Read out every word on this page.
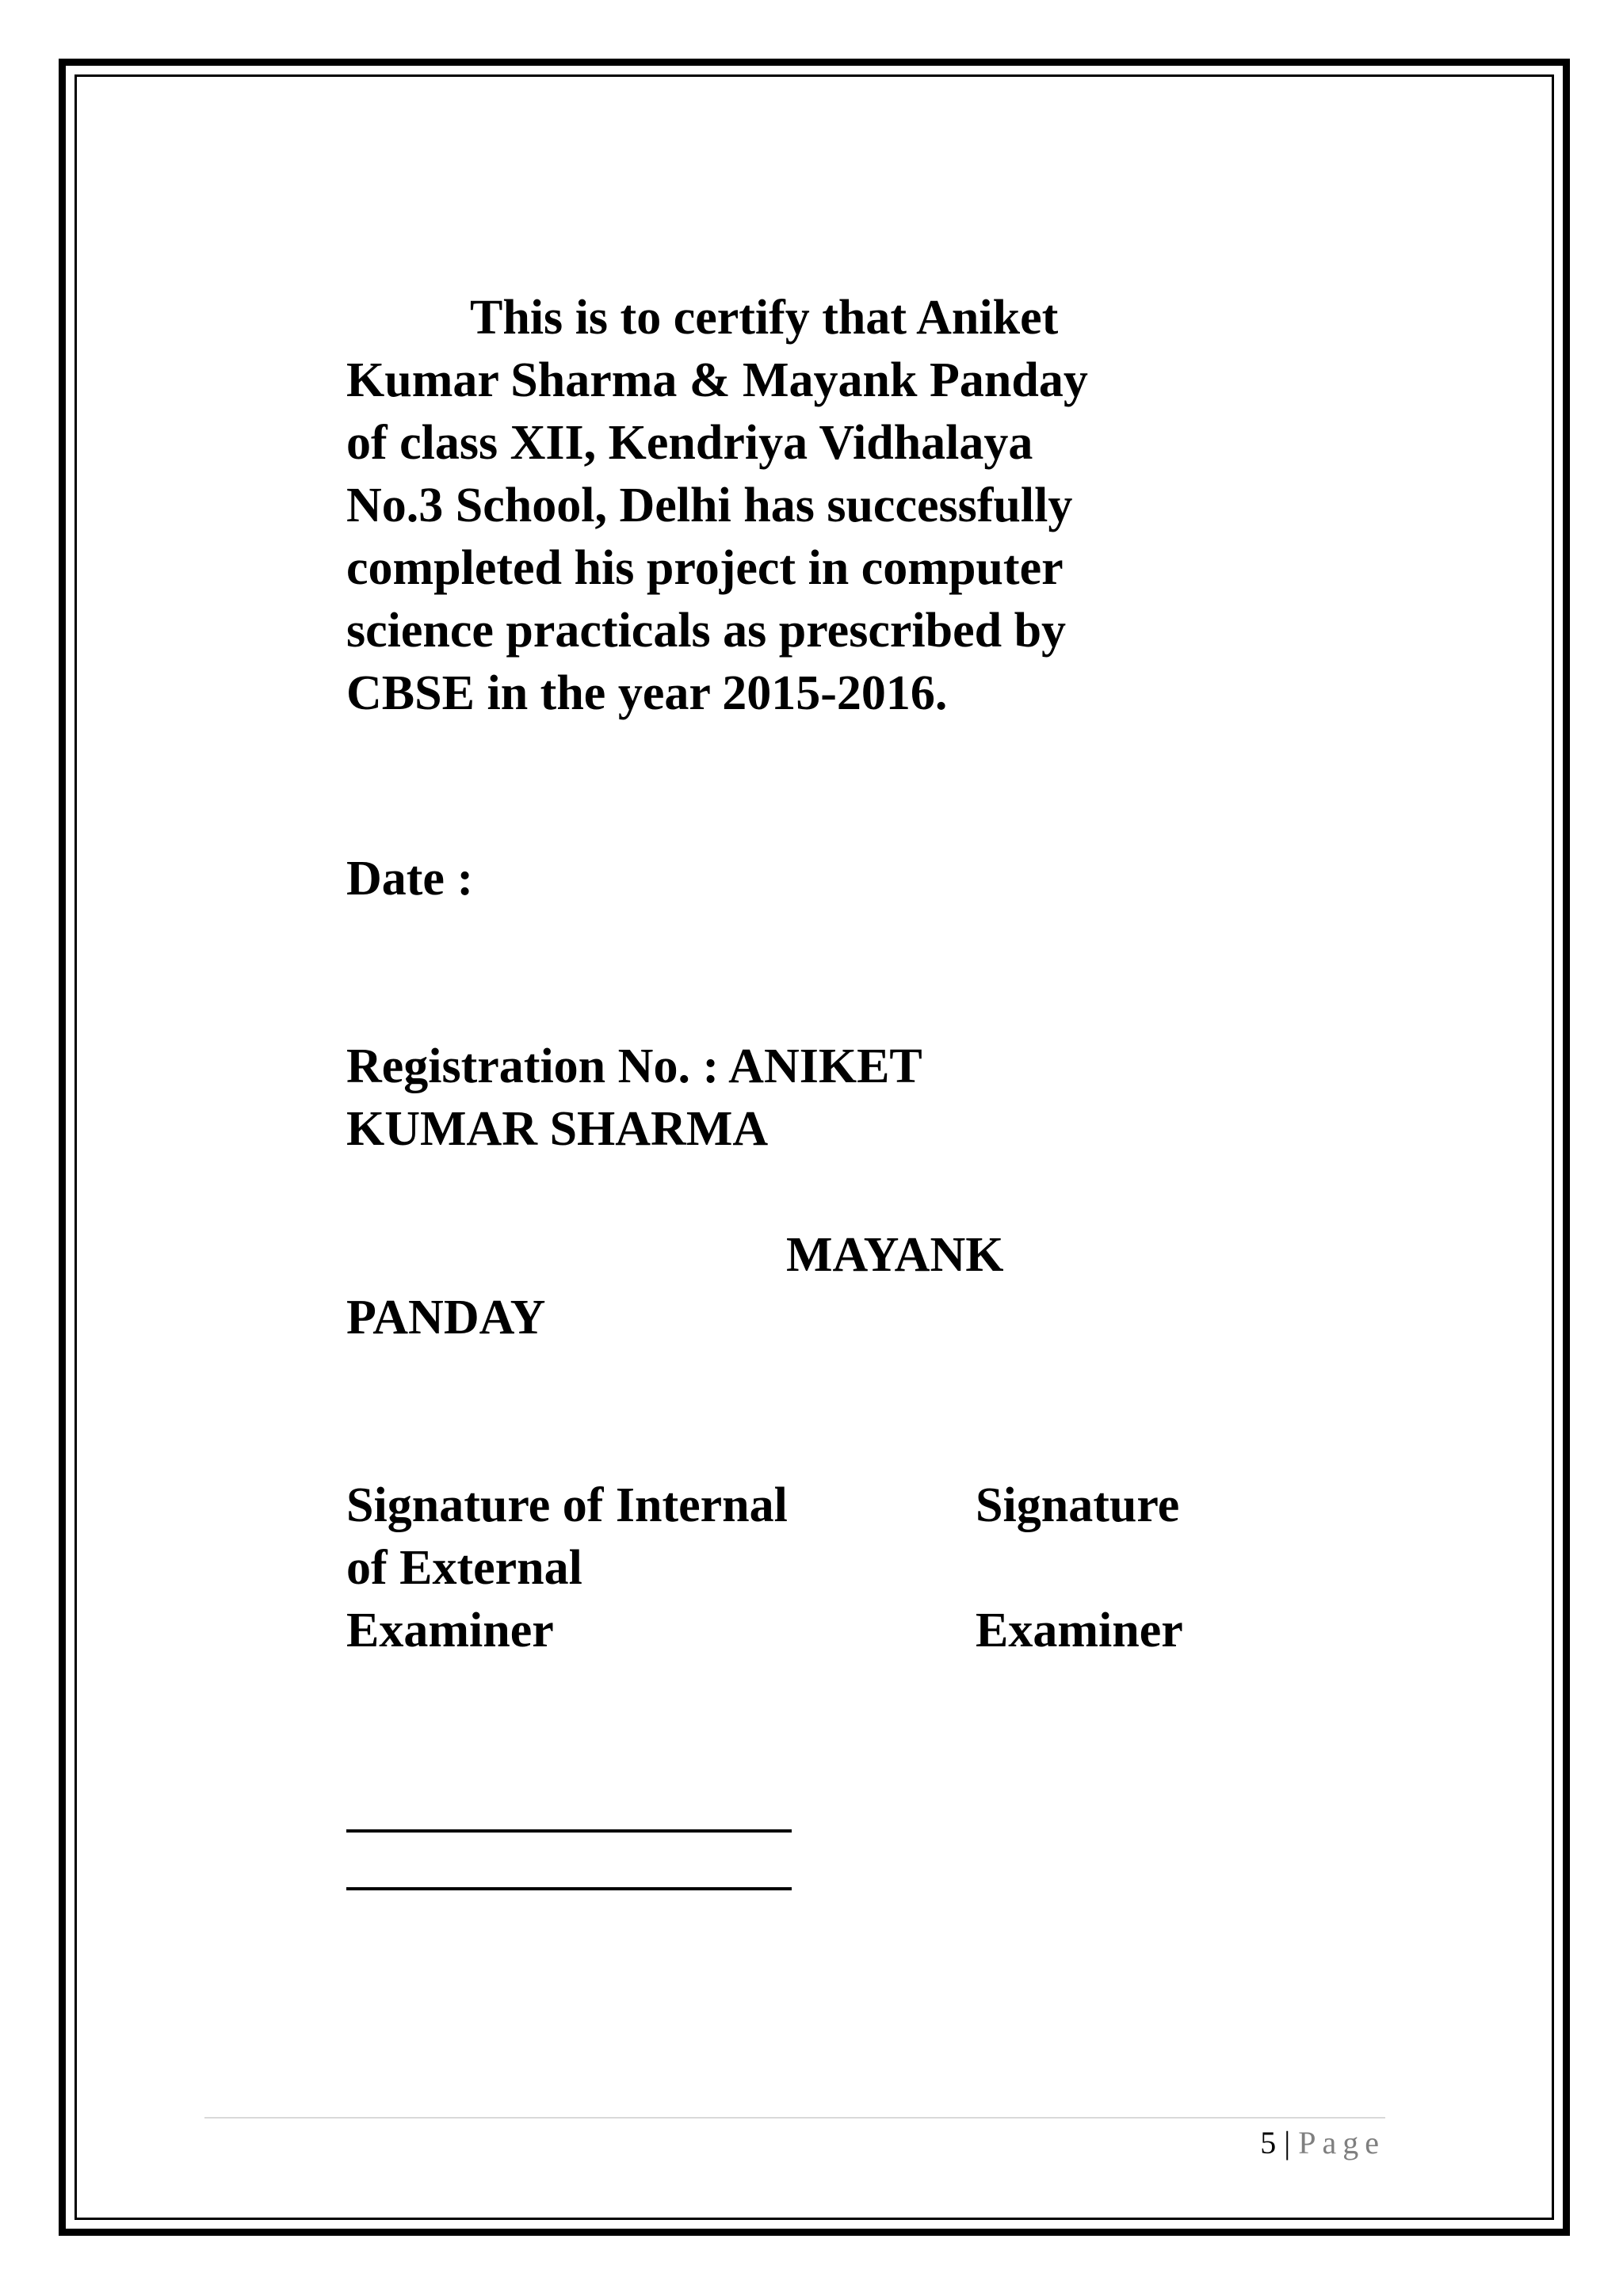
This is to certify that Aniket
Kumar Sharma & Mayank Panday
of class XII, Kendriya Vidhalaya
No.3 School, Delhi has successfully
completed his project in computer
science practicals as prescribed by
CBSE in the year 2015-2016.
Date :
Registration No. : ANIKET
KUMAR SHARMA
MAYANK
PANDAY
Signature of Internal	Signature
of External
Examiner	Examiner
5 | Page
